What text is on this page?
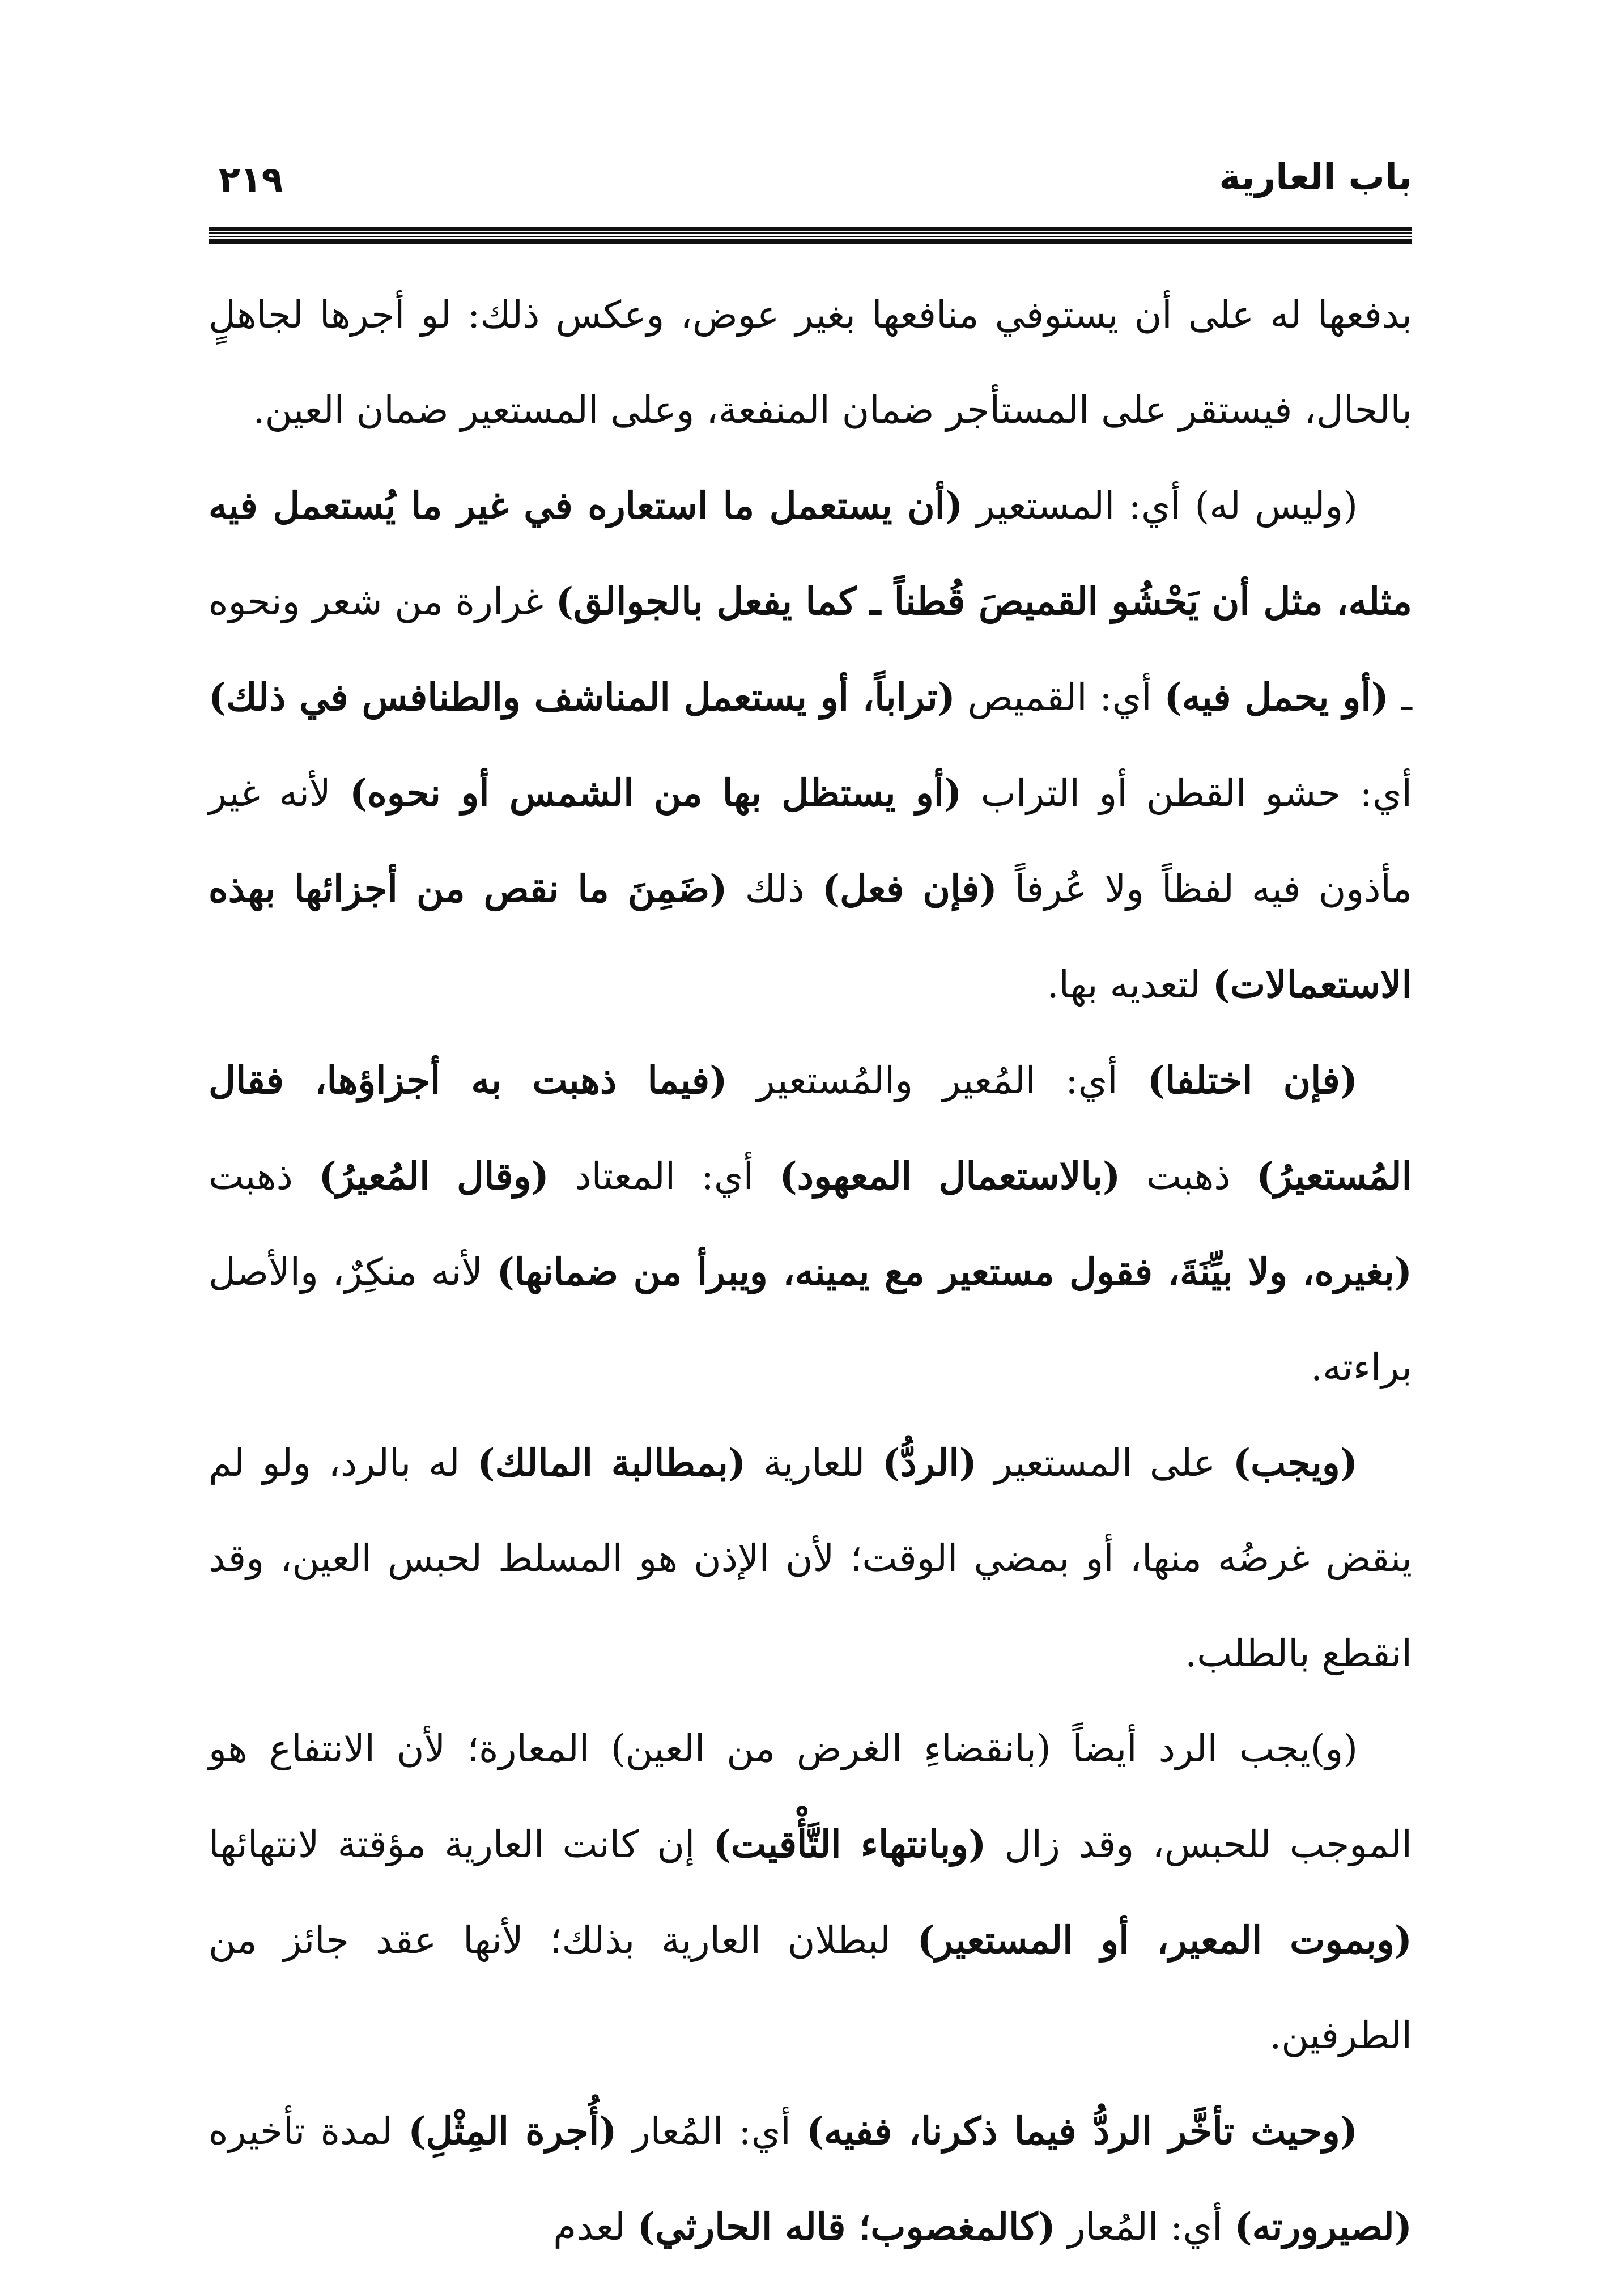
باب العارية
٢١٩

بدفعها له على أن يستوفي منافعها بغير عوض، وعكس ذلك: لو أجرها لجاهلٍ بالحال، فيستقر على المستأجر ضمان المنفعة، وعلى المستعير ضمان العين.

(وليس له) أي: المستعير (أن يستعمل ما استعاره في غير ما يُستعمل فيه مثله، مثل أن يَحْشُو القميصَ قُطناً ـ كما يفعل بالجوالق) غرارة من شعر ونحوه ـ (أو يحمل فيه) أي: القميص (تراباً، أو يستعمل المناشف والطنافس في ذلك) أي: حشو القطن أو التراب (أو يستظل بها من الشمس أو نحوه) لأنه غير مأذون فيه لفظاً ولا عُرفاً (فإن فعل) ذلك (ضَمِنَ ما نقص من أجزائها بهذه الاستعمالات) لتعديه بها.

(فإن اختلفا) أي: المُعير والمُستعير (فيما ذهبت به أجزاؤها، فقال المُستعيرُ) ذهبت (بالاستعمال المعهود) أي: المعتاد (وقال المُعيرُ) ذهبت (بغيره، ولا بيِّنَةَ، فقول مستعير مع يمينه، ويبرأ من ضمانها) لأنه منكِرٌ، والأصل براءته.

(ويجب) على المستعير (الردُّ) للعارية (بمطالبة المالك) له بالرد، ولو لم ينقض غرضُه منها، أو بمضي الوقت؛ لأن الإذن هو المسلط لحبس العين، وقد انقطع بالطلب.

(و)يجب الرد أيضاً (بانقضاءِ الغرض من العين) المعارة؛ لأن الانتفاع هو الموجب للحبس، وقد زال (وبانتهاء التَّأْقيت) إن كانت العارية مؤقتة لانتهائها (وبموت المعير، أو المستعير) لبطلان العارية بذلك؛ لأنها عقد جائز من الطرفين.

(وحيث تأخَّر الردُّ فيما ذكرنا، ففيه) أي: المُعار (أُجرة المِثْلِ) لمدة تأخيره (لصيرورته) أي: المُعار (كالمغصوب؛ قاله الحارثي) لعدم
